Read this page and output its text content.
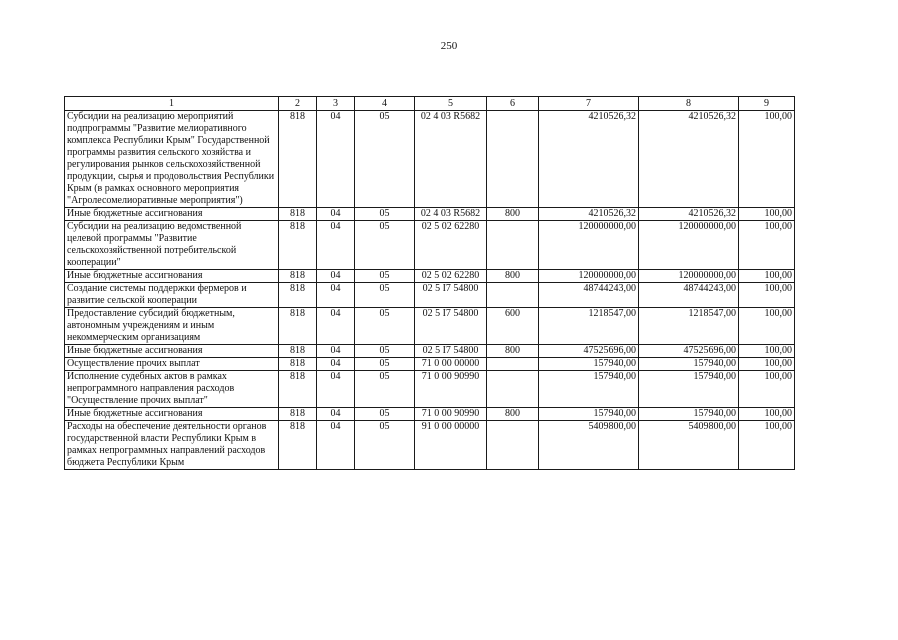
250
1	2	3	4	5	6	7	8	9
Субсидии на реализацию мероприятий подпрограммы "Развитие мелиоративного комплекса Республики Крым" Государственной программы развития сельского хозяйства и регулирования рынков сельскохозяйственной продукции, сырья и продовольствия Республики Крым (в рамках основного мероприятия "Агролесомелиоративные мероприятия")	818	04	05	02 4 03 R5682		4210526,32	4210526,32	100,00
Иные бюджетные ассигнования	818	04	05	02 4 03 R5682	800	4210526,32	4210526,32	100,00
Субсидии на реализацию ведомственной целевой программы "Развитие сельскохозяйственной потребительской кооперации"	818	04	05	02 5 02 62280		120000000,00	120000000,00	100,00
Иные бюджетные ассигнования	818	04	05	02 5 02 62280	800	120000000,00	120000000,00	100,00
Создание системы поддержки фермеров и развитие сельской кооперации	818	04	05	02 5 I7 54800		48744243,00	48744243,00	100,00
Предоставление субсидий бюджетным, автономным учреждениям и иным некоммерческим организациям	818	04	05	02 5 I7 54800	600	1218547,00	1218547,00	100,00
Иные бюджетные ассигнования	818	04	05	02 5 I7 54800	800	47525696,00	47525696,00	100,00
Осуществление прочих выплат	818	04	05	71 0 00 00000		157940,00	157940,00	100,00
Исполнение судебных актов в рамках непрограммного направления расходов "Осуществление прочих выплат"	818	04	05	71 0 00 90990		157940,00	157940,00	100,00
Иные бюджетные ассигнования	818	04	05	71 0 00 90990	800	157940,00	157940,00	100,00
Расходы на обеспечение деятельности органов государственной власти Республики Крым в рамках непрограммных направлений расходов бюджета Республики Крым	818	04	05	91 0 00 00000		5409800,00	5409800,00	100,00
